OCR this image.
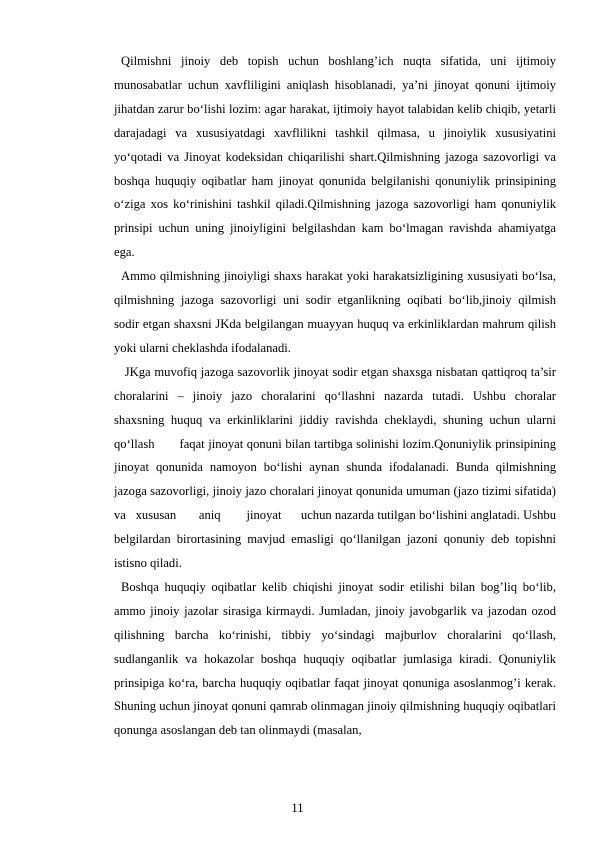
Qilmishni jinoiy deb topish uchun boshlang’ich nuqta sifatida, uni ijtimoiy munosabatlar uchun xavfliligini aniqlash hisoblanadi, ya’ni jinoyat qonuni ijtimoiy jihatdan zarur bo‘lishi lozim: agar harakat, ijtimoiy hayot talabidan kelib chiqib, yetarli darajadagi va xususiyatdagi xavflilikni tashkil qilmasa, u jinoiylik xususiyatini yo‘qotadi va Jinoyat kodeksidan chiqarilishi shart.Qilmishning jazoga sazovorligi va boshqa huquqiy oqibatlar ham jinoyat qonunida belgilanishi qonuniylik prinsipining o‘ziga xos ko‘rinishini tashkil qiladi.Qilmishning jazoga sazovorligi ham qonuniylik prinsipi uchun uning jinoiyligini belgilashdan kam bo‘lmagan ravishda ahamiyatga ega.

Ammo qilmishning jinoiyligi shaxs harakat yoki harakatsizligining xususiyati bo‘lsa, qilmishning jazoga sazovorligi uni sodir etganlikning oqibati bo‘lib,jinoiy qilmish sodir etgan shaxsni JKda belgilangan muayyan huquq va erkinliklardan mahrum qilish yoki ularni cheklashda ifodalanadi.

JKga muvofiq jazoga sazovorlik jinoyat sodir etgan shaxsga nisbatan qattiqroq ta’sir choralarini – jinoiy jazo choralarini qo‘llashni nazarda tutadi. Ushbu choralar shaxsning huquq va erkinliklarini jiddiy ravishda cheklaydi, shuning uchun ularni        qo‘llash       faqat jinoyat qonuni bilan tartibga solinishi lozim.Qonuniylik prinsipining   jinoyat qonunida namoyon bo‘lishi aynan shunda ifodalanadi. Bunda qilmishning jazoga sazovorligi, jinoiy jazo choralari jinoyat qonunida umuman (jazo tizimi sifatida) va   xususan       aniq        jinoyat      uchun nazarda tutilgan bo‘lishini anglatadi. Ushbu belgilardan birortasining mavjud emasligi qo‘llanilgan jazoni qonuniy deb topishni istisno qiladi.

Boshqa huquqiy oqibatlar kelib chiqishi jinoyat sodir etilishi bilan bog’liq bo‘lib, ammo jinoiy jazolar sirasiga kirmaydi. Jumladan, jinoiy javobgarlik va jazodan ozod qilishning barcha ko‘rinishi, tibbiy yo‘sindagi majburlov choralarini qo‘llash, sudlanganlik va hokazolar boshqa huquqiy oqibatlar jumlasiga kiradi. Qonuniylik prinsipiga ko‘ra, barcha huquqiy oqibatlar faqat jinoyat qonuniga asoslanmog’i kerak. Shuning uchun jinoyat qonuni qamrab olinmagan jinoiy qilmishning huquqiy oqibatlari qonunga asoslangan deb tan olinmaydi (masalan,

11
